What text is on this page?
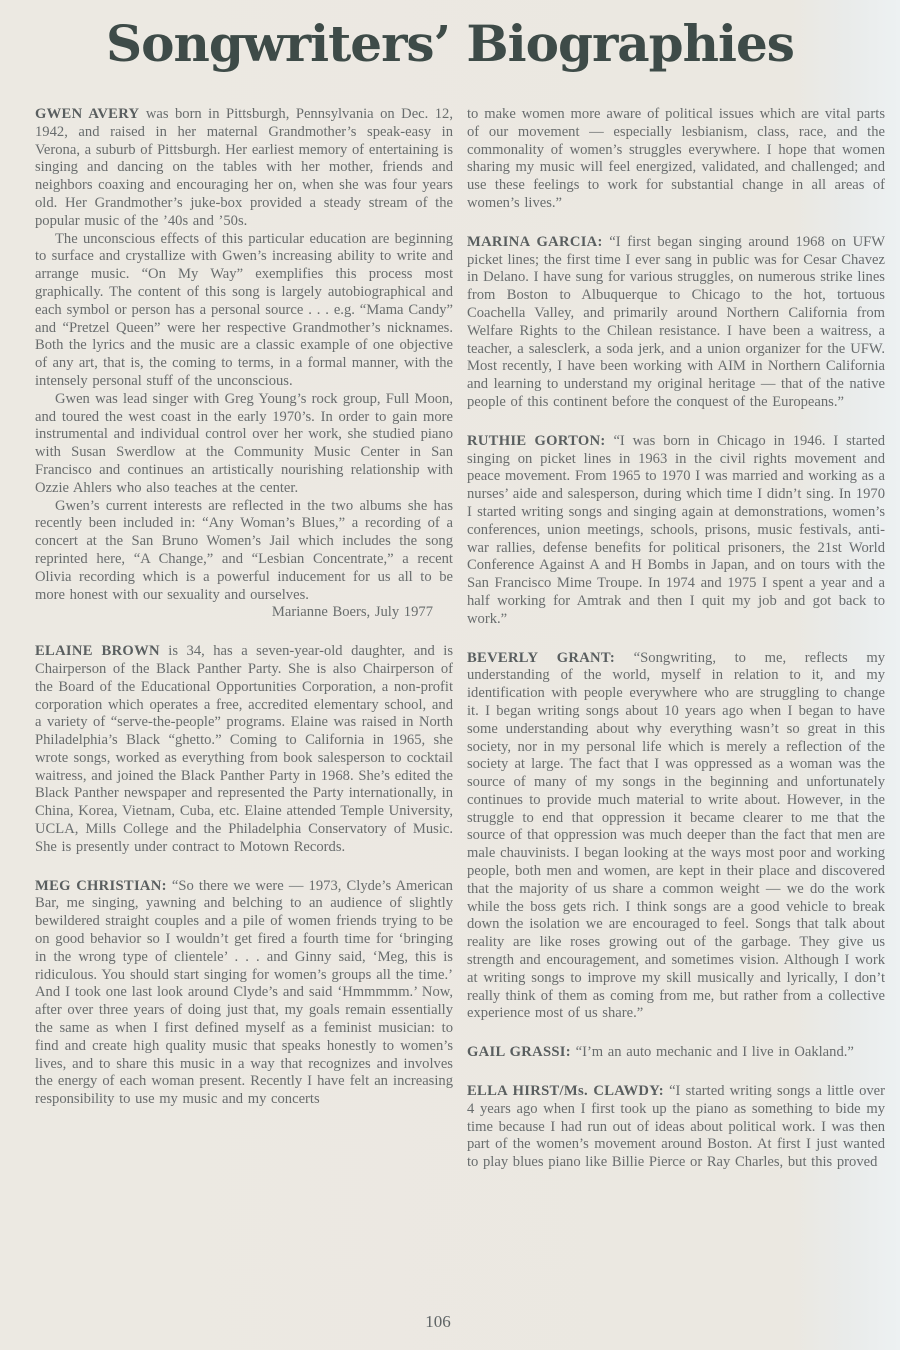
Songwriters’ Biographies

GWEN AVERY was born in Pittsburgh, Pennsylvania on Dec. 12, 1942, and raised in her maternal Grandmother’s speak-easy in Verona, a suburb of Pittsburgh. Her earliest memory of entertaining is singing and dancing on the tables with her mother, friends and neighbors coaxing and encouraging her on, when she was four years old. Her Grandmother’s juke-box provided a steady stream of the popular music of the ’40s and ’50s.

The unconscious effects of this particular education are beginning to surface and crystallize with Gwen’s increasing ability to write and arrange music. “On My Way” exemplifies this process most graphically. The content of this song is largely autobiographical and each symbol or person has a personal source . . . e.g. “Mama Candy” and “Pretzel Queen” were her respective Grandmother’s nicknames. Both the lyrics and the music are a classic example of one objective of any art, that is, the coming to terms, in a formal manner, with the intensely personal stuff of the unconscious.

Gwen was lead singer with Greg Young’s rock group, Full Moon, and toured the west coast in the early 1970’s. In order to gain more instrumental and individual control over her work, she studied piano with Susan Swerdlow at the Community Music Center in San Francisco and continues an artistically nourishing relationship with Ozzie Ahlers who also teaches at the center.

Gwen’s current interests are reflected in the two albums she has recently been included in: “Any Woman’s Blues,” a recording of a concert at the San Bruno Women’s Jail which includes the song reprinted here, “A Change,” and “Lesbian Concentrate,” a recent Olivia recording which is a powerful inducement for us all to be more honest with our sexuality and ourselves.

Marianne Boers, July 1977

ELAINE BROWN is 34, has a seven-year-old daughter, and is Chairperson of the Black Panther Party. She is also Chairperson of the Board of the Educational Opportunities Corporation, a non-profit corporation which operates a free, accredited elementary school, and a variety of “serve-the-people” programs. Elaine was raised in North Philadelphia’s Black “ghetto.” Coming to California in 1965, she wrote songs, worked as everything from book salesperson to cocktail waitress, and joined the Black Panther Party in 1968. She’s edited the Black Panther newspaper and represented the Party internationally, in China, Korea, Vietnam, Cuba, etc. Elaine attended Temple University, UCLA, Mills College and the Philadelphia Conservatory of Music. She is presently under contract to Motown Records.

MEG CHRISTIAN: “So there we were — 1973, Clyde’s American Bar, me singing, yawning and belching to an audience of slightly bewildered straight couples and a pile of women friends trying to be on good behavior so I wouldn’t get fired a fourth time for ‘bringing in the wrong type of clientele’ . . . and Ginny said, ‘Meg, this is ridiculous. You should start singing for women’s groups all the time.’ And I took one last look around Clyde’s and said ‘Hmmmmm.’ Now, after over three years of doing just that, my goals remain essentially the same as when I first defined myself as a feminist musician: to find and create high quality music that speaks honestly to women’s lives, and to share this music in a way that recognizes and involves the energy of each woman present. Recently I have felt an increasing responsibility to use my music and my concerts

to make women more aware of political issues which are vital parts of our movement — especially lesbianism, class, race, and the commonality of women’s struggles everywhere. I hope that women sharing my music will feel energized, validated, and challenged; and use these feelings to work for substantial change in all areas of women’s lives.”

MARINA GARCIA: “I first began singing around 1968 on UFW picket lines; the first time I ever sang in public was for Cesar Chavez in Delano. I have sung for various struggles, on numerous strike lines from Boston to Albuquerque to Chicago to the hot, tortuous Coachella Valley, and primarily around Northern California from Welfare Rights to the Chilean resistance. I have been a waitress, a teacher, a salesclerk, a soda jerk, and a union organizer for the UFW. Most recently, I have been working with AIM in Northern California and learning to understand my original heritage — that of the native people of this continent before the conquest of the Europeans.”

RUTHIE GORTON: “I was born in Chicago in 1946. I started singing on picket lines in 1963 in the civil rights movement and peace movement. From 1965 to 1970 I was married and working as a nurses’ aide and salesperson, during which time I didn’t sing. In 1970 I started writing songs and singing again at demonstrations, women’s conferences, union meetings, schools, prisons, music festivals, anti-war rallies, defense benefits for political prisoners, the 21st World Conference Against A and H Bombs in Japan, and on tours with the San Francisco Mime Troupe. In 1974 and 1975 I spent a year and a half working for Amtrak and then I quit my job and got back to work.”

BEVERLY GRANT: “Songwriting, to me, reflects my understanding of the world, myself in relation to it, and my identification with people everywhere who are struggling to change it. I began writing songs about 10 years ago when I began to have some understanding about why everything wasn’t so great in this society, nor in my personal life which is merely a reflection of the society at large. The fact that I was oppressed as a woman was the source of many of my songs in the beginning and unfortunately continues to provide much material to write about. However, in the struggle to end that oppression it became clearer to me that the source of that oppression was much deeper than the fact that men are male chauvinists. I began looking at the ways most poor and working people, both men and women, are kept in their place and discovered that the majority of us share a common weight — we do the work while the boss gets rich. I think songs are a good vehicle to break down the isolation we are encouraged to feel. Songs that talk about reality are like roses growing out of the garbage. They give us strength and encouragement, and sometimes vision. Although I work at writing songs to improve my skill musically and lyrically, I don’t really think of them as coming from me, but rather from a collective experience most of us share.”

GAIL GRASSI: “I’m an auto mechanic and I live in Oakland.”

ELLA HIRST/Ms. CLAWDY: “I started writing songs a little over 4 years ago when I first took up the piano as something to bide my time because I had run out of ideas about political work. I was then part of the women’s movement around Boston. At first I just wanted to play blues piano like Billie Pierce or Ray Charles, but this proved

106
